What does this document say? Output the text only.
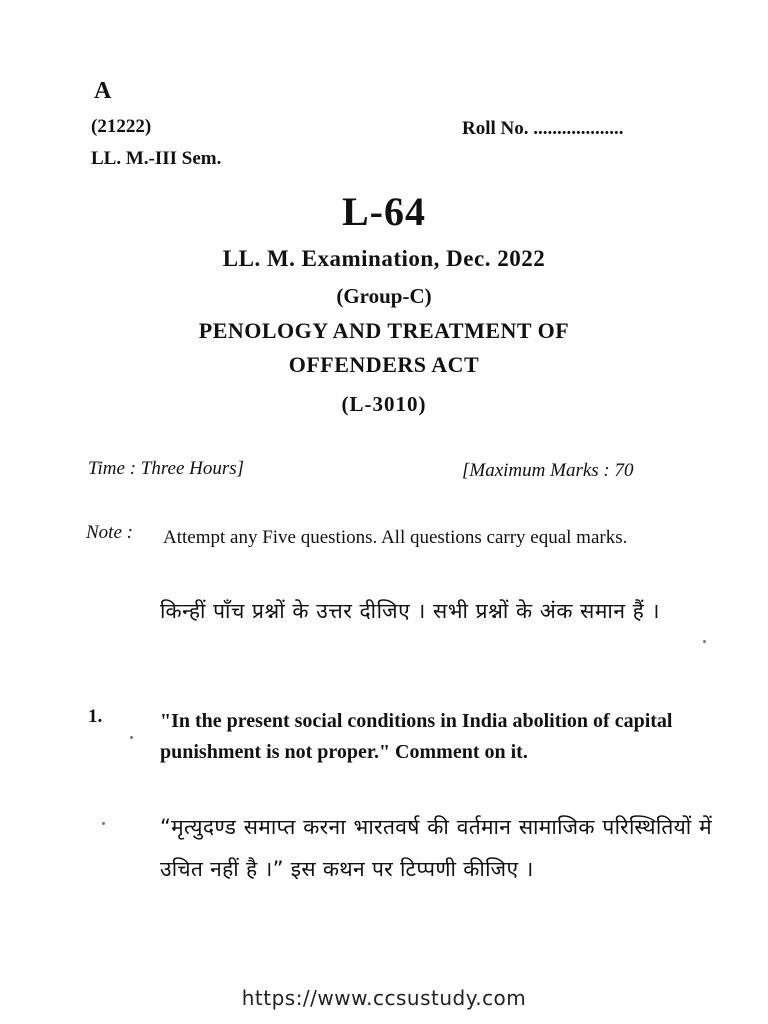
A
(21222)	Roll No. ...................
LL. M.-III Sem.
L-64
LL. M. Examination, Dec. 2022
(Group-C)
PENOLOGY AND TREATMENT OF
OFFENDERS ACT
(L-3010)
Time : Three Hours]	[Maximum Marks : 70
Note : Attempt any Five questions. All questions carry equal marks.
किन्हीं पाँच प्रश्नों के उत्तर दीजिए । सभी प्रश्नों के अंक समान हैं ।
1.	"In the present social conditions in India abolition of capital punishment is not proper." Comment on it.
“मृत्युदण्ड समाप्त करना भारतवर्ष की वर्तमान सामाजिक परिस्थितियों में उचित नहीं है ।” इस कथन पर टिप्पणी कीजिए ।
https://www.ccsustudy.com
